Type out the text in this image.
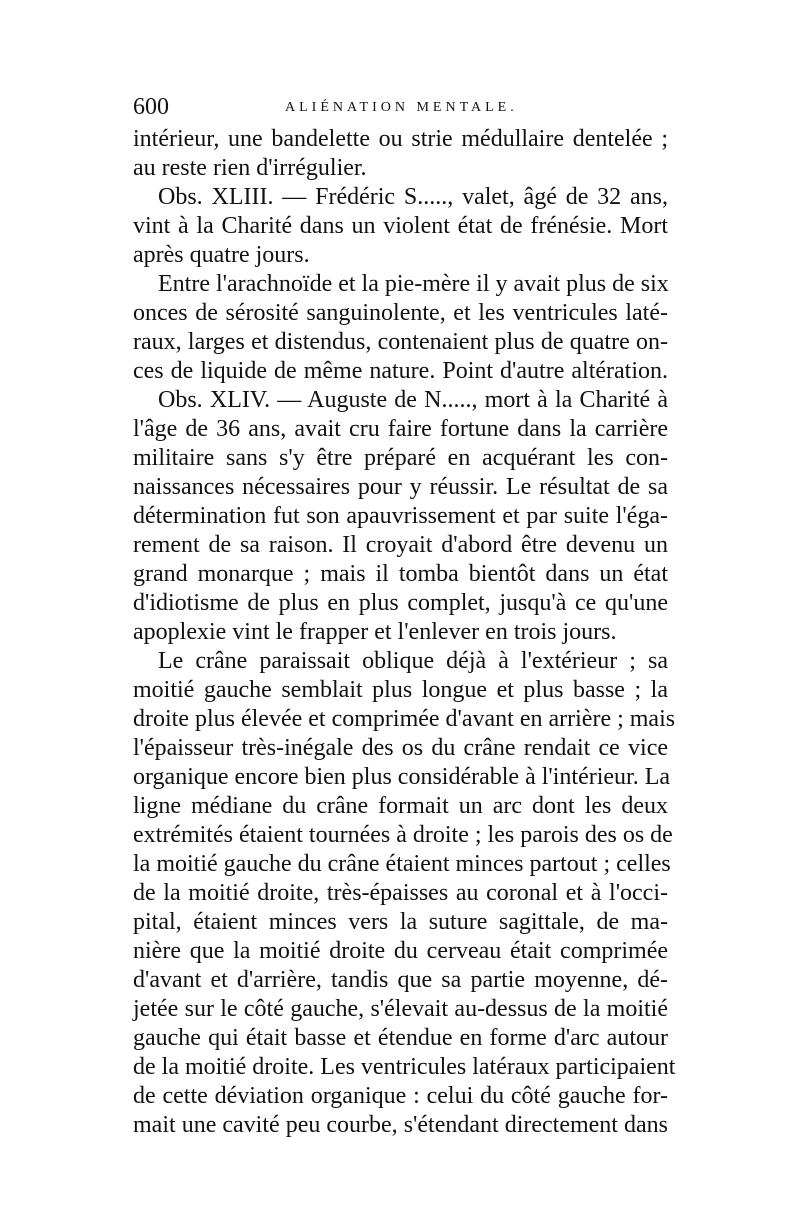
600	ALIÉNATION MENTALE.
intérieur, une bandelette ou strie médullaire dentelée ;
au reste rien d'irrégulier.
Obs. XLIII. — Frédéric S....., valet, âgé de 32 ans,
vint à la Charité dans un violent état de frénésie. Mort
après quatre jours.
Entre l'arachnoïde et la pie-mère il y avait plus de six
onces de sérosité sanguinolente, et les ventricules laté-
raux, larges et distendus, contenaient plus de quatre on-
ces de liquide de même nature. Point d'autre altération.
Obs. XLIV. — Auguste de N....., mort à la Charité à
l'âge de 36 ans, avait cru faire fortune dans la carrière
militaire sans s'y être préparé en acquérant les con-
naissances nécessaires pour y réussir. Le résultat de sa
détermination fut son apauvrissement et par suite l'éga-
rement de sa raison. Il croyait d'abord être devenu un
grand monarque ; mais il tomba bientôt dans un état
d'idiotisme de plus en plus complet, jusqu'à ce qu'une
apoplexie vint le frapper et l'enlever en trois jours.
Le crâne paraissait oblique déjà à l'extérieur ; sa
moitié gauche semblait plus longue et plus basse ; la
droite plus élevée et comprimée d'avant en arrière ; mais
l'épaisseur très-inégale des os du crâne rendait ce vice
organique encore bien plus considérable à l'intérieur. La
ligne médiane du crâne formait un arc dont les deux
extrémités étaient tournées à droite ; les parois des os de
la moitié gauche du crâne étaient minces partout ; celles
de la moitié droite, très-épaisses au coronal et à l'occi-
pital, étaient minces vers la suture sagittale, de ma-
nière que la moitié droite du cerveau était comprimée
d'avant et d'arrière, tandis que sa partie moyenne, dé-
jetée sur le côté gauche, s'élevait au-dessus de la moitié
gauche qui était basse et étendue en forme d'arc autour
de la moitié droite. Les ventricules latéraux participaient
de cette déviation organique : celui du côté gauche for-
mait une cavité peu courbe, s'étendant directement dans
